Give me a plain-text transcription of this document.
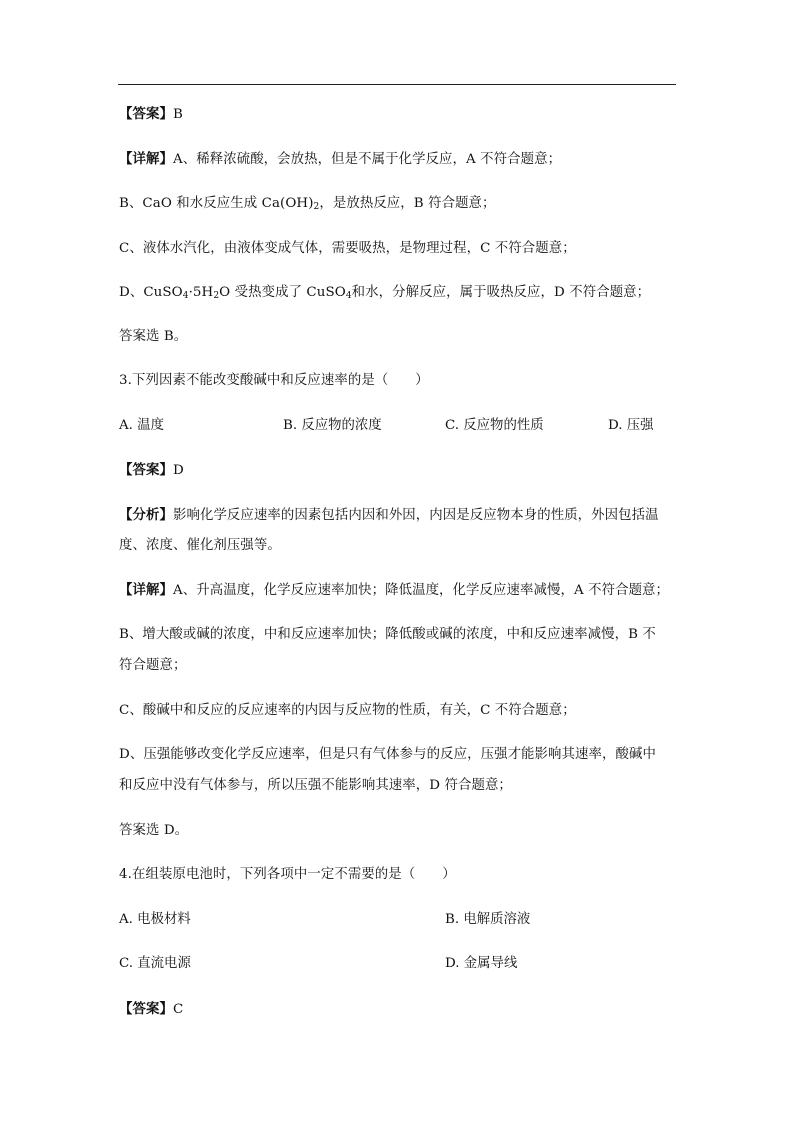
【答案】B
【详解】A、稀释浓硫酸，会放热，但是不属于化学反应，A 不符合题意；
B、CaO 和水反应生成 $Ca(OH)_2$，是放热反应，B 符合题意；
C、液体水汽化，由液体变成气体，需要吸热，是物理过程，C 不符合题意；
D、$CuSO_4\cdot 5H_2O$ 受热变成了 CuSO$_4$和水，分解反应，属于吸热反应，D 不符合题意；
答案选 B。
3.下列因素不能改变酸碱中和反应速率的是（　　）
A. 温度	B. 反应物的浓度	C. 反应物的性质	D. 压强
【答案】D
【分析】影响化学反应速率的因素包括内因和外因，内因是反应物本身的性质，外因包括温
度、浓度、催化剂压强等。
【详解】A、升高温度，化学反应速率加快；降低温度，化学反应速率减慢，A 不符合题意；
B、增大酸或碱的浓度，中和反应速率加快；降低酸或碱的浓度，中和反应速率减慢，B 不
符合题意；
C、酸碱中和反应的反应速率的内因与反应物的性质，有关，C 不符合题意；
D、压强能够改变化学反应速率，但是只有气体参与的反应，压强才能影响其速率，酸碱中
和反应中没有气体参与，所以压强不能影响其速率，D 符合题意；
答案选 D。
4.在组装原电池时，下列各项中一定不需要的是（　　）
A. 电极材料	B. 电解质溶液
C. 直流电源	D. 金属导线
【答案】C
